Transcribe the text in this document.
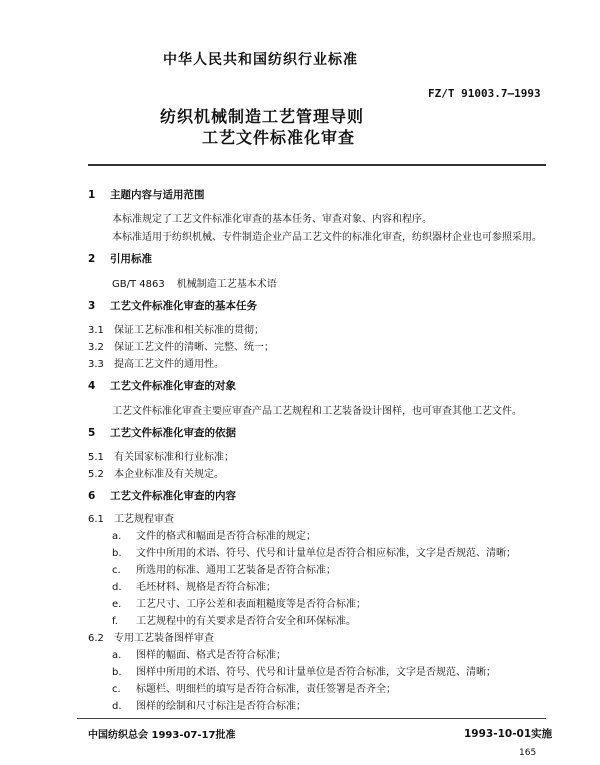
中华人民共和国纺织行业标准
FZ/T 91003.7—1993
纺织机械制造工艺管理导则
工艺文件标准化审查
1 主题内容与适用范围
本标准规定了工艺文件标准化审查的基本任务、审查对象、内容和程序。
本标准适用于纺织机械、专件制造企业产品工艺文件的标准化审查，纺织器材企业也可参照采用。
2 引用标准
GB/T 4863 机械制造工艺基本术语
3 工艺文件标准化审查的基本任务
3.1 保证工艺标准和相关标准的贯彻；
3.2 保证工艺文件的清晰、完整、统一；
3.3 提高工艺文件的通用性。
4 工艺文件标准化审查的对象
工艺文件标准化审查主要应审查产品工艺规程和工艺装备设计图样，也可审查其他工艺文件。
5 工艺文件标准化审查的依据
5.1 有关国家标准和行业标准；
5.2 本企业标准及有关规定。
6 工艺文件标准化审查的内容
6.1 工艺规程审查
a. 文件的格式和幅面是否符合标准的规定；
b. 文件中所用的术语、符号、代号和计量单位是否符合相应标准，文字是否规范、清晰；
c. 所选用的标准、通用工艺装备是否符合标准；
d. 毛坯材料、规格是否符合标准；
e. 工艺尺寸、工序公差和表面粗糙度等是否符合标准；
f. 工艺规程中的有关要求是否符合安全和环保标准。
6.2 专用工艺装备图样审查
a. 图样的幅面、格式是否符合标准；
b. 图样中所用的术语、符号、代号和计量单位是否符合标准，文字是否规范、清晰；
c. 标题栏、明细栏的填写是否符合标准，责任签署是否齐全；
d. 图样的绘制和尺寸标注是否符合标准；
中国纺织总会 1993-07-17批准	1993-10-01实施
165
